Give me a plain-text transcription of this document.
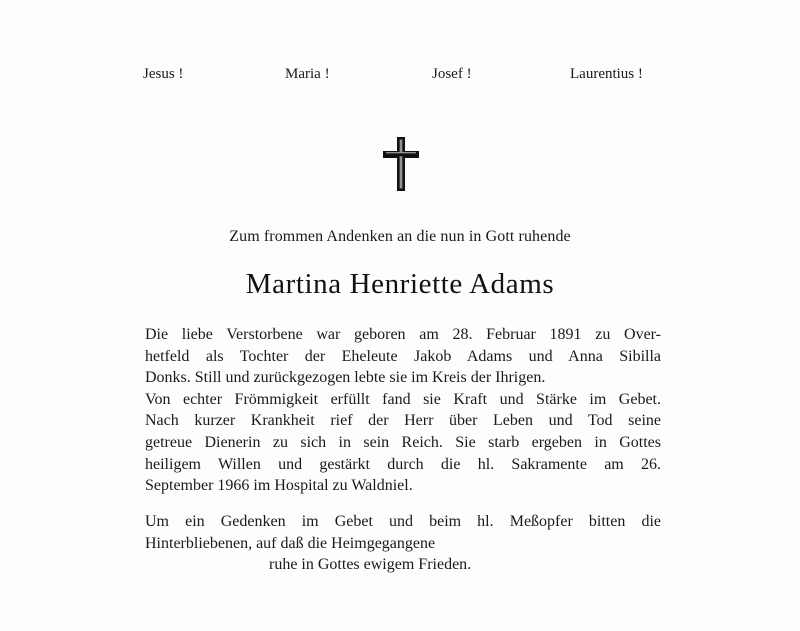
Jesus !	Maria !	Josef !	Laurentius !
Zum frommen Andenken an die nun in Gott ruhende
Martina Henriette Adams
Die liebe Verstorbene war geboren am 28. Februar 1891 zu Over-
hetfeld als Tochter der Eheleute Jakob Adams und Anna Sibilla
Donks. Still und zurückgezogen lebte sie im Kreis der Ihrigen.
Von echter Frömmigkeit erfüllt fand sie Kraft und Stärke im Gebet.
Nach kurzer Krankheit rief der Herr über Leben und Tod seine
getreue Dienerin zu sich in sein Reich. Sie starb ergeben in Gottes
heiligem Willen und gestärkt durch die hl. Sakramente am 26.
September 1966 im Hospital zu Waldniel.
Um ein Gedenken im Gebet und beim hl. Meßopfer bitten die
Hinterbliebenen, auf daß die Heimgegangene
ruhe in Gottes ewigem Frieden.
